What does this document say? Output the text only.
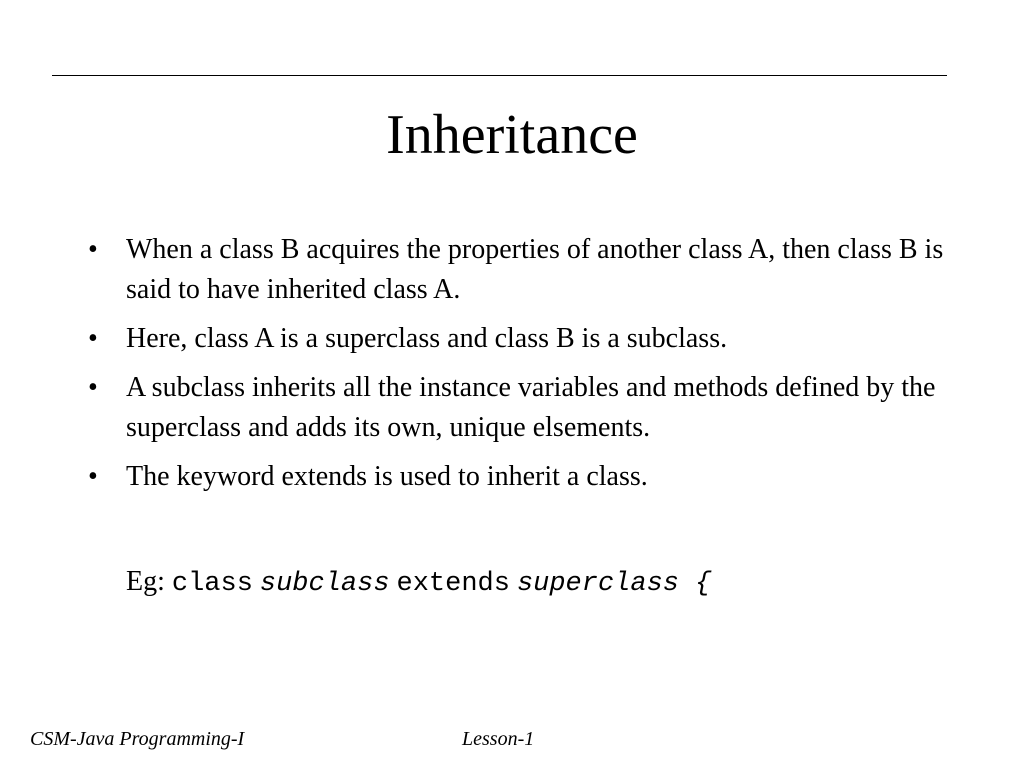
Inheritance
• When a class B acquires the properties of another class A, then class B is said to have inherited class A.
• Here, class A is a superclass and class B is a subclass.
• A subclass inherits all the instance variables and methods defined by the superclass and adds its own, unique elsements.
• The keyword extends is used to inherit a class.
Eg: class subclass extends superclass {
CSM-Java Programming-I	Lesson-1
